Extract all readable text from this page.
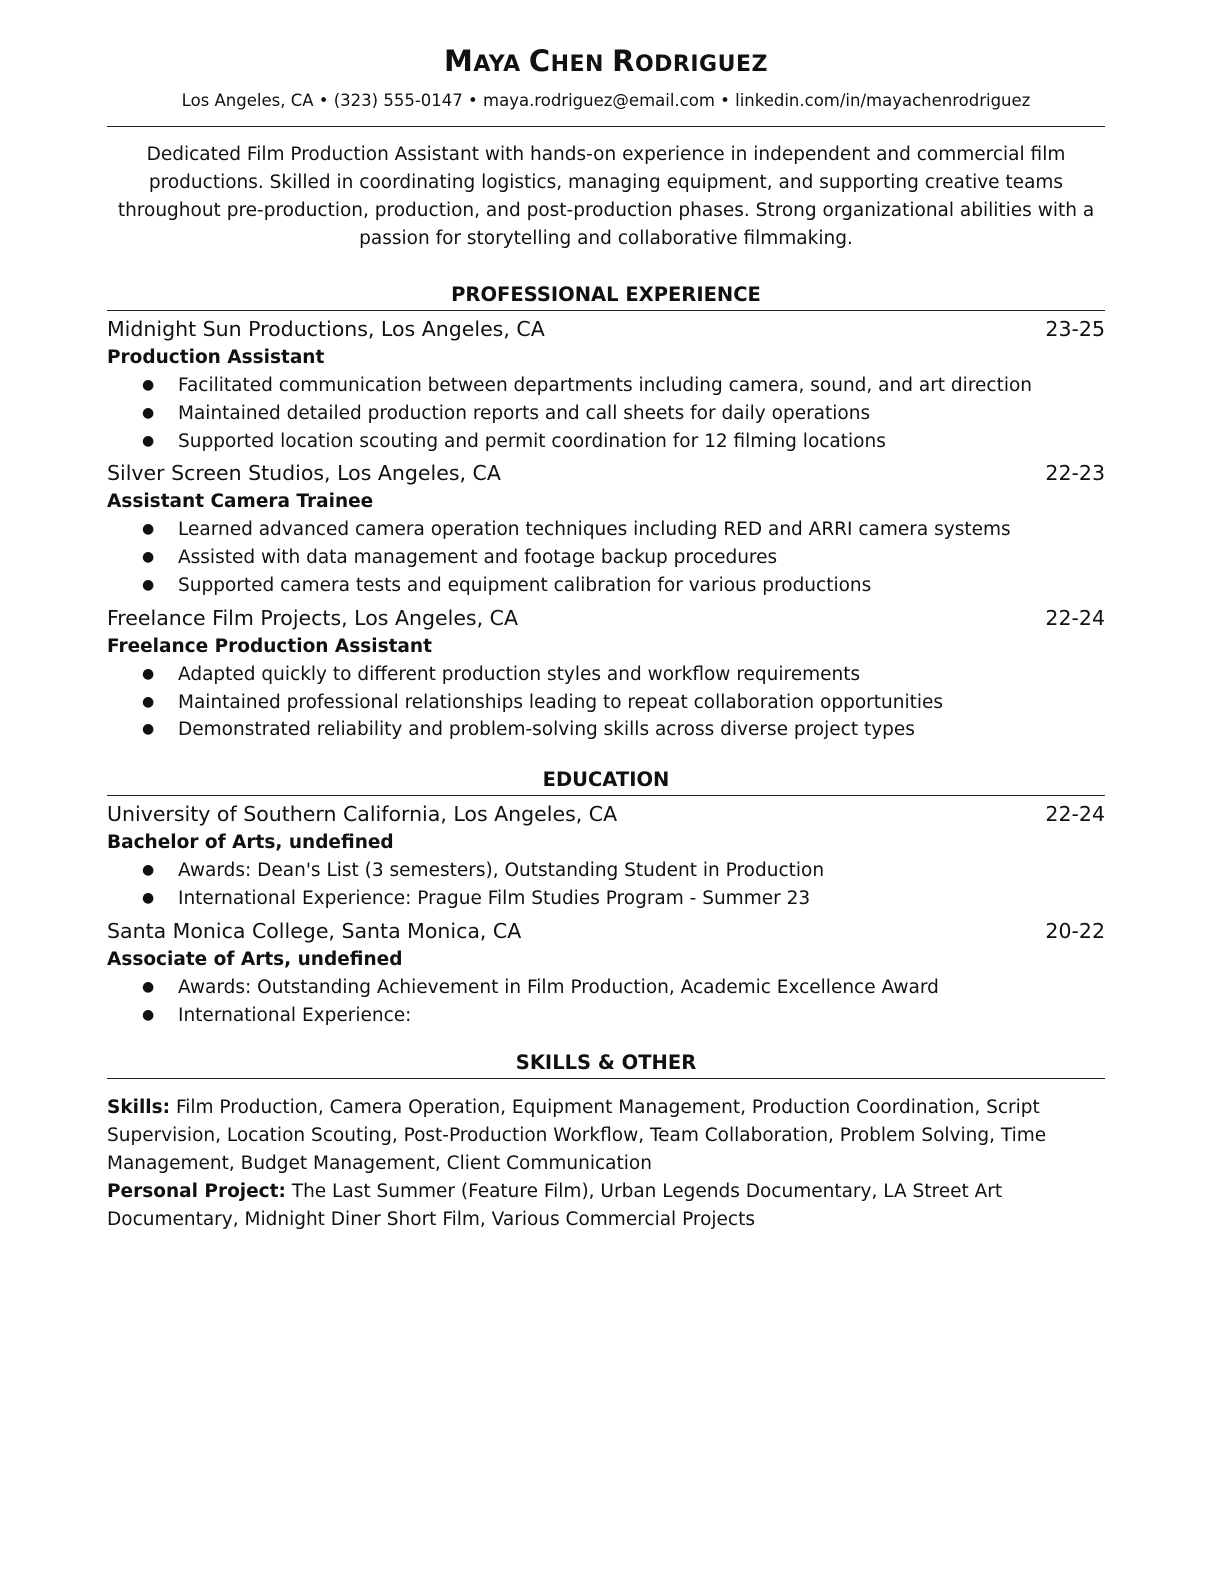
MAYA CHEN RODRIGUEZ
Los Angeles, CA • (323) 555-0147 • maya.rodriguez@email.com • linkedin.com/in/mayachenrodriguez

Dedicated Film Production Assistant with hands-on experience in independent and commercial film productions. Skilled in coordinating logistics, managing equipment, and supporting creative teams throughout pre-production, production, and post-production phases. Strong organizational abilities with a passion for storytelling and collaborative filmmaking.

PROFESSIONAL EXPERIENCE
Midnight Sun Productions, Los Angeles, CA	23-25
Production Assistant
● Facilitated communication between departments including camera, sound, and art direction
● Maintained detailed production reports and call sheets for daily operations
● Supported location scouting and permit coordination for 12 filming locations
Silver Screen Studios, Los Angeles, CA	22-23
Assistant Camera Trainee
● Learned advanced camera operation techniques including RED and ARRI camera systems
● Assisted with data management and footage backup procedures
● Supported camera tests and equipment calibration for various productions
Freelance Film Projects, Los Angeles, CA	22-24
Freelance Production Assistant
● Adapted quickly to different production styles and workflow requirements
● Maintained professional relationships leading to repeat collaboration opportunities
● Demonstrated reliability and problem-solving skills across diverse project types
EDUCATION
University of Southern California, Los Angeles, CA	22-24
Bachelor of Arts, undefined
● Awards: Dean's List (3 semesters), Outstanding Student in Production
● International Experience: Prague Film Studies Program - Summer 23
Santa Monica College, Santa Monica, CA	20-22
Associate of Arts, undefined
● Awards: Outstanding Achievement in Film Production, Academic Excellence Award
● International Experience:
SKILLS & OTHER
Skills: Film Production, Camera Operation, Equipment Management, Production Coordination, Script Supervision, Location Scouting, Post-Production Workflow, Team Collaboration, Problem Solving, Time Management, Budget Management, Client Communication
Personal Project: The Last Summer (Feature Film), Urban Legends Documentary, LA Street Art Documentary, Midnight Diner Short Film, Various Commercial Projects
